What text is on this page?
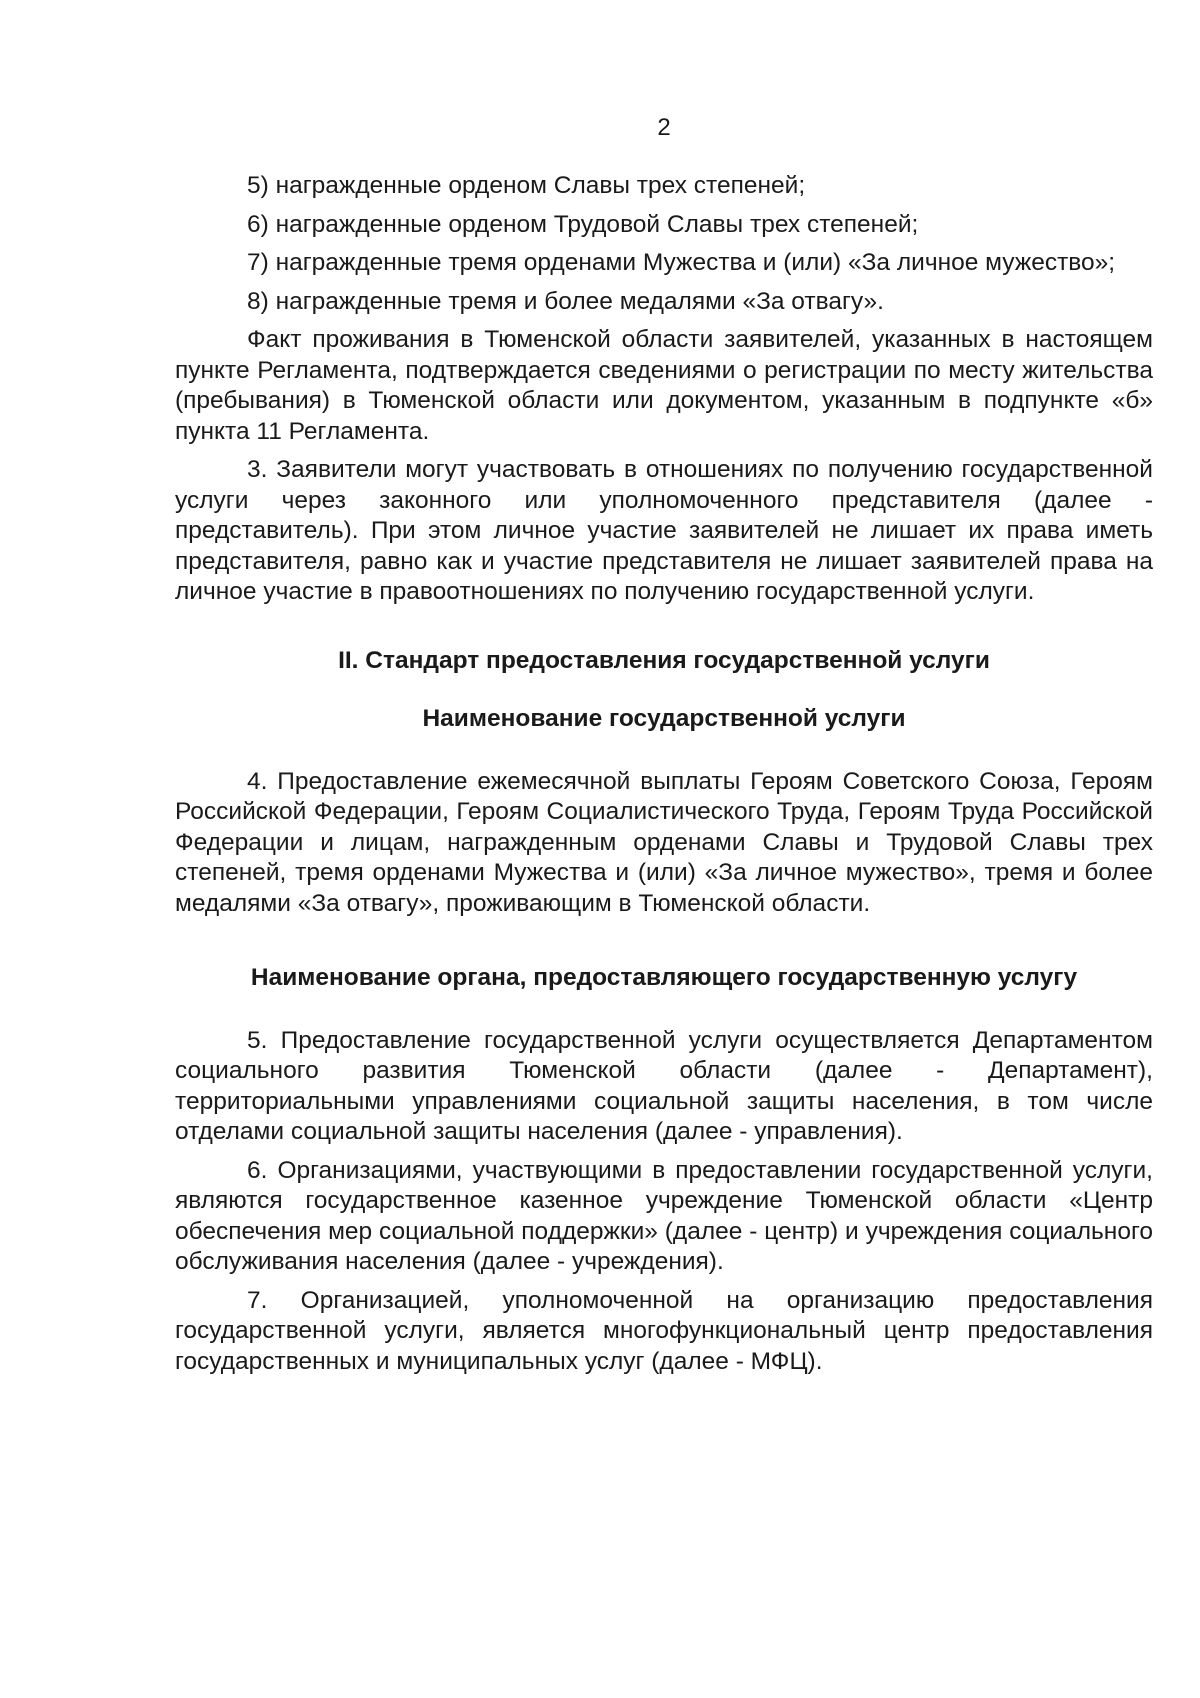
2

5) награжденные орденом Славы трех степеней;

6) награжденные орденом Трудовой Славы трех степеней;

7) награжденные тремя орденами Мужества и (или) «За личное мужество»;

8) награжденные тремя и более медалями «За отвагу».

Факт проживания в Тюменской области заявителей, указанных в настоящем пункте Регламента, подтверждается сведениями о регистрации по месту жительства (пребывания) в Тюменской области или документом, указанным в подпункте «б» пункта 11 Регламента.

3. Заявители могут участвовать в отношениях по получению государственной услуги через законного или уполномоченного представителя (далее - представитель). При этом личное участие заявителей не лишает их права иметь представителя, равно как и участие представителя не лишает заявителей права на личное участие в правоотношениях по получению государственной услуги.

II. Стандарт предоставления государственной услуги
Наименование государственной услуги

4. Предоставление ежемесячной выплаты Героям Советского Союза, Героям Российской Федерации, Героям Социалистического Труда, Героям Труда Российской Федерации и лицам, награжденным орденами Славы и Трудовой Славы трех степеней, тремя орденами Мужества и (или) «За личное мужество», тремя и более медалями «За отвагу», проживающим в Тюменской области.

Наименование органа, предоставляющего государственную услугу

5. Предоставление государственной услуги осуществляется Департаментом социального развития Тюменской области (далее - Департамент), территориальными управлениями социальной защиты населения, в том числе отделами социальной защиты населения (далее - управления).

6. Организациями, участвующими в предоставлении государственной услуги, являются государственное казенное учреждение Тюменской области «Центр обеспечения мер социальной поддержки» (далее - центр) и учреждения социального обслуживания населения (далее - учреждения).

7. Организацией, уполномоченной на организацию предоставления государственной услуги, является многофункциональный центр предоставления государственных и муниципальных услуг (далее - МФЦ).
